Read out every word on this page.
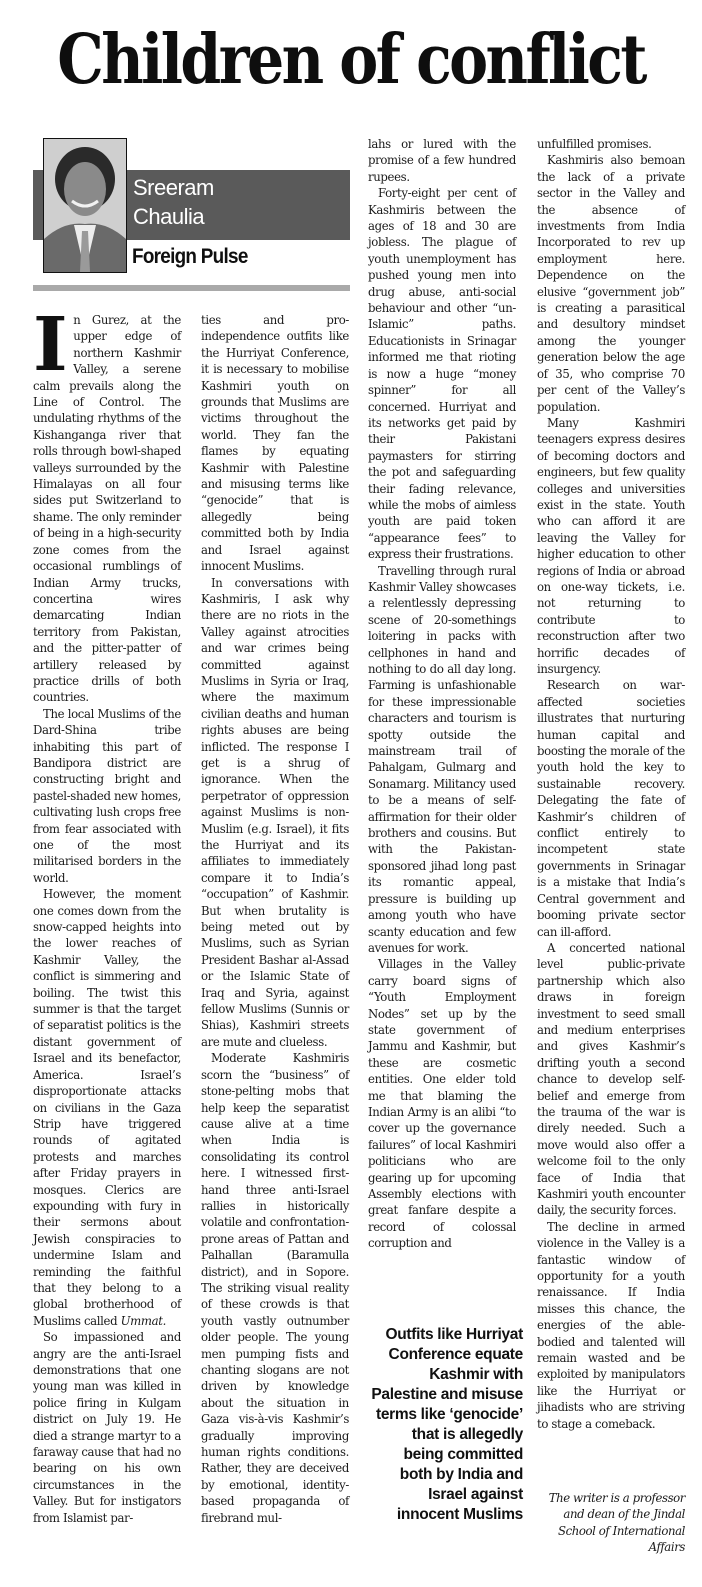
Children of conflict
Sreeram
Chaulia
Foreign Pulse

In Gurez, at the upper edge of northern Kashmir Valley, a serene calm prevails along the Line of Control. The undulating rhythms of the Kishanganga river that rolls through bowl-shaped valleys surrounded by the Himalayas on all four sides put Switzerland to shame. The only reminder of being in a high-security zone comes from the occasional rumblings of Indian Army trucks, concertina wires demarcating Indian territory from Pakistan, and the pitter-patter of artillery released by practice drills of both countries.

The local Muslims of the Dard-Shina tribe inhabiting this part of Bandipora district are constructing bright and pastel-shaded new homes, cultivating lush crops free from fear associated with one of the most militarised borders in the world.

However, the moment one comes down from the snow-capped heights into the lower reaches of Kashmir Valley, the conflict is simmering and boiling. The twist this summer is that the target of separatist politics is the distant government of Israel and its benefactor, America. Israel’s disproportionate attacks on civilians in the Gaza Strip have triggered rounds of agitated protests and marches after Friday prayers in mosques. Clerics are expounding with fury in their sermons about Jewish conspiracies to undermine Islam and reminding the faithful that they belong to a global brotherhood of Muslims called Ummat.

So impassioned and angry are the anti-Israel demonstrations that one young man was killed in police firing in Kulgam district on July 19. He died a strange martyr to a faraway cause that had no bearing on his own circumstances in the Valley. But for instigators from Islamist par-

ties and pro-independence outfits like the Hurriyat Conference, it is necessary to mobilise Kashmiri youth on grounds that Muslims are victims throughout the world. They fan the flames by equating Kashmir with Palestine and misusing terms like “genocide” that is allegedly being committed both by India and Israel against innocent Muslims.

In conversations with Kashmiris, I ask why there are no riots in the Valley against atrocities and war crimes being committed against Muslims in Syria or Iraq, where the maximum civilian deaths and human rights abuses are being inflicted. The response I get is a shrug of ignorance. When the perpetrator of oppression against Muslims is non-Muslim (e.g. Israel), it fits the Hurriyat and its affiliates to immediately compare it to India’s “occupation” of Kashmir. But when brutality is being meted out by Muslims, such as Syrian President Bashar al-Assad or the Islamic State of Iraq and Syria, against fellow Muslims (Sunnis or Shias), Kashmiri streets are mute and clueless.

Moderate Kashmiris scorn the “business” of stone-pelting mobs that help keep the separatist cause alive at a time when India is consolidating its control here. I witnessed first-hand three anti-Israel rallies in historically volatile and confrontation-prone areas of Pattan and Palhallan (Baramulla district), and in Sopore. The striking visual reality of these crowds is that youth vastly outnumber older people. The young men pumping fists and chanting slogans are not driven by knowledge about the situation in Gaza vis-à-vis Kashmir’s gradually improving human rights conditions. Rather, they are deceived by emotional, identity-based propaganda of firebrand mul-

lahs or lured with the promise of a few hundred rupees.

Forty-eight per cent of Kashmiris between the ages of 18 and 30 are jobless. The plague of youth unemployment has pushed young men into drug abuse, anti-social behaviour and other “un-Islamic” paths. Educationists in Srinagar informed me that rioting is now a huge “money spinner” for all concerned. Hurriyat and its networks get paid by their Pakistani paymasters for stirring the pot and safeguarding their fading relevance, while the mobs of aimless youth are paid token “appearance fees” to express their frustrations.

Travelling through rural Kashmir Valley showcases a relentlessly depressing scene of 20-somethings loitering in packs with cellphones in hand and nothing to do all day long. Farming is unfashionable for these impressionable characters and tourism is spotty outside the mainstream trail of Pahalgam, Gulmarg and Sonamarg. Militancy used to be a means of self-affirmation for their older brothers and cousins. But with the Pakistan-sponsored jihad long past its romantic appeal, pressure is building up among youth who have scanty education and few avenues for work.

Villages in the Valley carry board signs of “Youth Employment Nodes” set up by the state government of Jammu and Kashmir, but these are cosmetic entities. One elder told me that blaming the Indian Army is an alibi “to cover up the governance failures” of local Kashmiri politicians who are gearing up for upcoming Assembly elections with great fanfare despite a record of colossal corruption and

Outfits like Hurriyat Conference equate Kashmir with Palestine and misuse terms like ‘genocide’ that is allegedly being committed both by India and Israel against innocent Muslims

unfulfilled promises.

Kashmiris also bemoan the lack of a private sector in the Valley and the absence of investments from India Incorporated to rev up employment here. Dependence on the elusive “government job” is creating a parasitical and desultory mindset among the younger generation below the age of 35, who comprise 70 per cent of the Valley’s population.

Many Kashmiri teenagers express desires of becoming doctors and engineers, but few quality colleges and universities exist in the state. Youth who can afford it are leaving the Valley for higher education to other regions of India or abroad on one-way tickets, i.e. not returning to contribute to reconstruction after two horrific decades of insurgency.

Research on war-affected societies illustrates that nurturing human capital and boosting the morale of the youth hold the key to sustainable recovery. Delegating the fate of Kashmir’s children of conflict entirely to incompetent state governments in Srinagar is a mistake that India’s Central government and booming private sector can ill-afford.

A concerted national level public-private partnership which also draws in foreign investment to seed small and medium enterprises and gives Kashmir’s drifting youth a second chance to develop self-belief and emerge from the trauma of the war is direly needed. Such a move would also offer a welcome foil to the only face of India that Kashmiri youth encounter daily, the security forces.

The decline in armed violence in the Valley is a fantastic window of opportunity for a youth renaissance. If India misses this chance, the energies of the able-bodied and talented will remain wasted and be exploited by manipulators like the Hurriyat or jihadists who are striving to stage a comeback.

The writer is a professor and dean of the Jindal School of International Affairs
